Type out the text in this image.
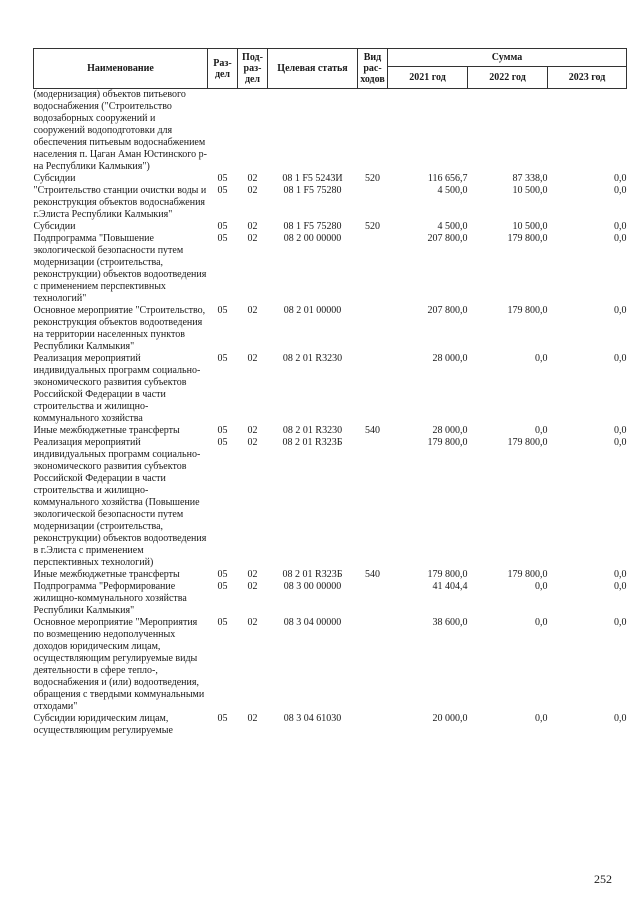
Наименование	Раз-дел	Под-раз-дел	Целевая статья	Вид рас-ходов	Сумма		
					2021 год	2022 год	2023 год
(модернизация) объектов питьевого водоснабжения ("Строительство водозаборных сооружений и сооружений водоподготовки для обеспечения питьевым водоснабжением населения п. Цаган Аман Юстинского р-на Республики Калмыкия")							
Субсидии	05	02	08 1 F5 5243И	520	116 656,7	87 338,0	0,0
"Строительство станции очистки воды и реконструкция объектов водоснабжения г.Элиста Республики Калмыкия"	05	02	08 1 F5 75280		4 500,0	10 500,0	0,0
Субсидии	05	02	08 1 F5 75280	520	4 500,0	10 500,0	0,0
Подпрограмма "Повышение экологической безопасности путем модернизации (строительства, реконструкции) объектов водоотведения с применением перспективных технологий"	05	02	08 2 00 00000		207 800,0	179 800,0	0,0
Основное мероприятие "Строительство, реконструкция объектов водоотведения на территории населенных пунктов Республики Калмыкия"	05	02	08 2 01 00000		207 800,0	179 800,0	0,0
Реализация мероприятий индивидуальных программ социально-экономического развития субъектов Российской Федерации в части строительства и жилищно-коммунального хозяйства	05	02	08 2 01 R3230		28 000,0	0,0	0,0
Иные межбюджетные трансферты	05	02	08 2 01 R3230	540	28 000,0	0,0	0,0
Реализация мероприятий индивидуальных программ социально-экономического развития субъектов Российской Федерации в части строительства и жилищно-коммунального хозяйства (Повышение экологической безопасности путем модернизации (строительства, реконструкции) объектов водоотведения в г.Элиста с применением перспективных технологий)	05	02	08 2 01 R323Б		179 800,0	179 800,0	0,0
Иные межбюджетные трансферты	05	02	08 2 01 R323Б	540	179 800,0	179 800,0	0,0
Подпрограмма "Реформирование жилищно-коммунального хозяйства Республики Калмыкия"	05	02	08 3 00 00000		41 404,4	0,0	0,0
Основное мероприятие "Мероприятия по возмещению недополученных доходов юридическим лицам, осуществляющим регулируемые виды деятельности в сфере тепло-, водоснабжения и (или) водоотведения, обращения с твердыми коммунальными отходами"	05	02	08 3 04 00000		38 600,0	0,0	0,0
Субсидии юридическим лицам, осуществляющим регулируемые	05	02	08 3 04 61030		20 000,0	0,0	0,0
252
